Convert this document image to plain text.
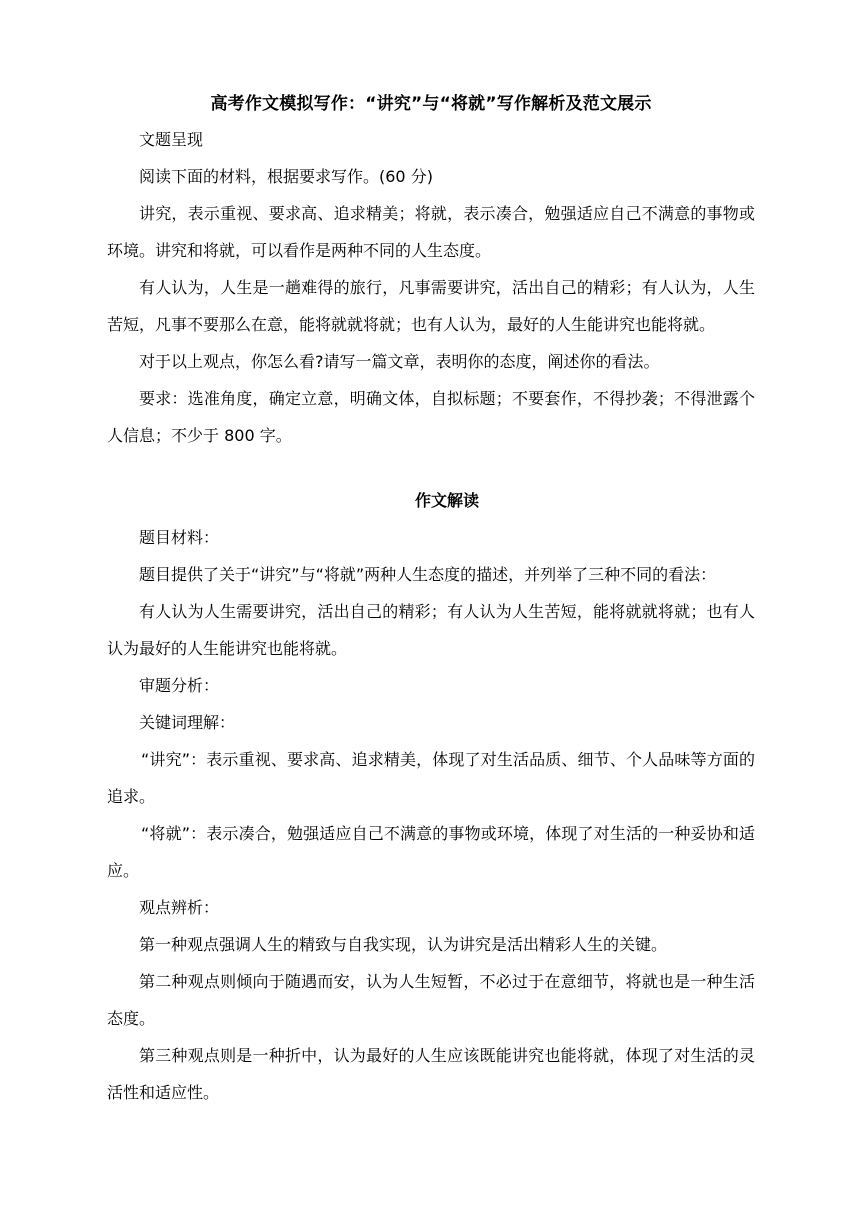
高考作文模拟写作：“讲究”与“将就”写作解析及范文展示

文题呈现

阅读下面的材料，根据要求写作。(60 分)

讲究，表示重视、要求高、追求精美；将就，表示凑合，勉强适应自己不满意的事物或环境。讲究和将就，可以看作是两种不同的人生态度。

有人认为，人生是一趟难得的旅行，凡事需要讲究，活出自己的精彩；有人认为，人生苦短，凡事不要那么在意，能将就就将就；也有人认为，最好的人生能讲究也能将就。

对于以上观点，你怎么看?请写一篇文章，表明你的态度，阐述你的看法。

要求：选准角度，确定立意，明确文体，自拟标题；不要套作，不得抄袭；不得泄露个人信息；不少于 800 字。

作文解读

题目材料：

题目提供了关于“讲究”与“将就”两种人生态度的描述，并列举了三种不同的看法：

有人认为人生需要讲究，活出自己的精彩；有人认为人生苦短，能将就就将就；也有人认为最好的人生能讲究也能将就。

审题分析：

关键词理解：

“讲究”：表示重视、要求高、追求精美，体现了对生活品质、细节、个人品味等方面的追求。

“将就”：表示凑合，勉强适应自己不满意的事物或环境，体现了对生活的一种妥协和适应。

观点辨析：

第一种观点强调人生的精致与自我实现，认为讲究是活出精彩人生的关键。

第二种观点则倾向于随遇而安，认为人生短暂，不必过于在意细节，将就也是一种生活态度。

第三种观点则是一种折中，认为最好的人生应该既能讲究也能将就，体现了对生活的灵活性和适应性。
